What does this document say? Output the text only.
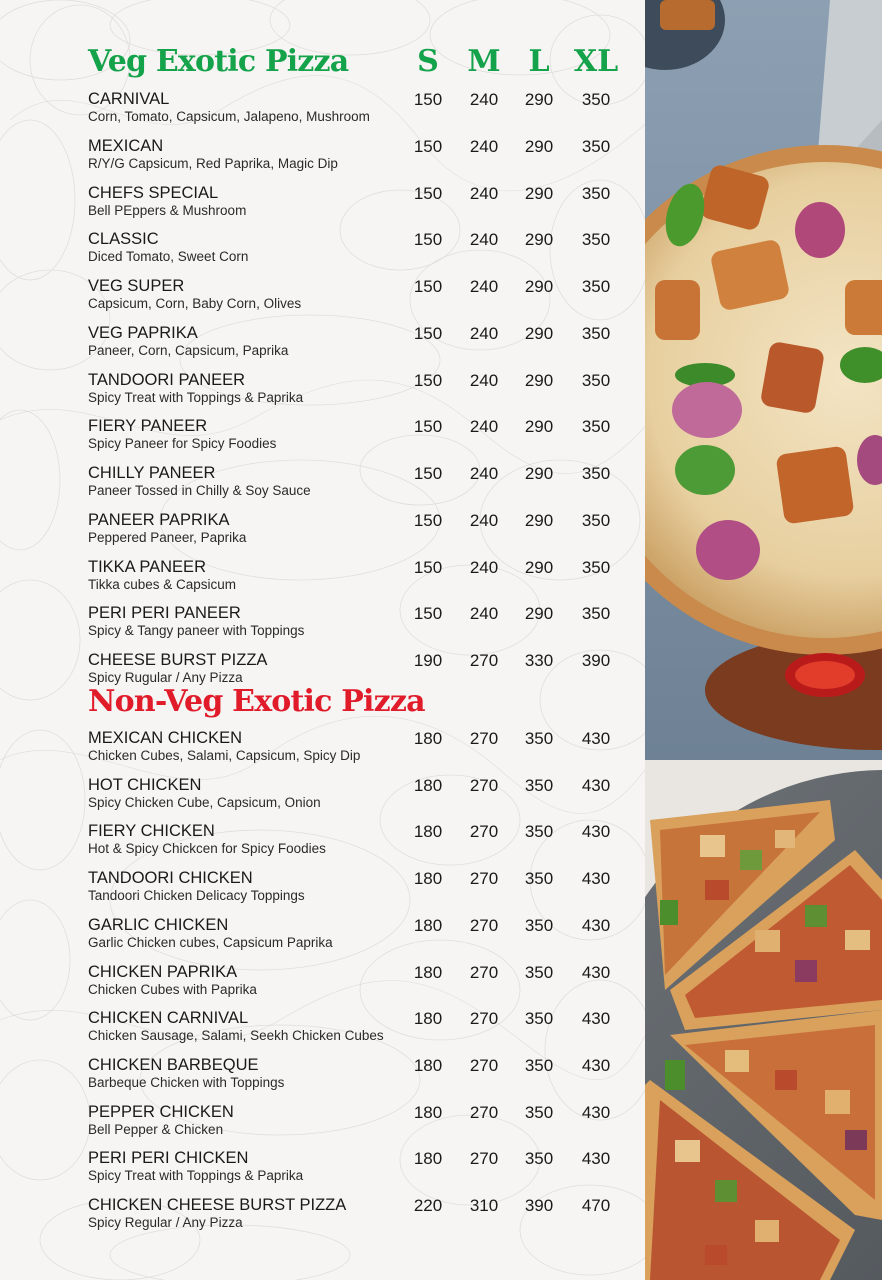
Veg Exotic Pizza	S M L XL
CARNIVAL
Corn, Tomato, Capsicum, Jalapeno, Mushroom
150	240	290	350
MEXICAN
R/Y/G Capsicum, Red Paprika, Magic Dip
150	240	290	350
CHEFS SPECIAL
Bell PEppers & Mushroom
150	240	290	350
CLASSIC
Diced Tomato, Sweet Corn
150	240	290	350
VEG SUPER
Capsicum, Corn, Baby Corn, Olives
150	240	290	350
VEG PAPRIKA
Paneer, Corn, Capsicum, Paprika
150	240	290	350
TANDOORI PANEER
Spicy Treat with Toppings & Paprika
150	240	290	350
FIERY PANEER
Spicy Paneer for Spicy Foodies
150	240	290	350
CHILLY PANEER
Paneer Tossed in Chilly & Soy Sauce
150	240	290	350
PANEER PAPRIKA
Peppered Paneer, Paprika
150	240	290	350
TIKKA PANEER
Tikka cubes & Capsicum
150	240	290	350
PERI PERI PANEER
Spicy & Tangy paneer with Toppings
150	240	290	350
CHEESE BURST PIZZA
Spicy Rugular / Any Pizza
190	270	330	390
Non-Veg Exotic Pizza
MEXICAN CHICKEN
Chicken Cubes, Salami, Capsicum, Spicy Dip
180	270	350	430
HOT CHICKEN
Spicy Chicken Cube, Capsicum, Onion
180	270	350	430
FIERY CHICKEN
Hot & Spicy Chickcen for Spicy Foodies
180	270	350	430
TANDOORI CHICKEN
Tandoori Chicken Delicacy Toppings
180	270	350	430
GARLIC CHICKEN
Garlic Chicken cubes, Capsicum Paprika
180	270	350	430
CHICKEN PAPRIKA
Chicken Cubes with Paprika
180	270	350	430
CHICKEN CARNIVAL
Chicken Sausage, Salami, Seekh Chicken Cubes
180	270	350	430
CHICKEN BARBEQUE
Barbeque Chicken with Toppings
180	270	350	430
PEPPER CHICKEN
Bell Pepper & Chicken
180	270	350	430
PERI PERI CHICKEN
Spicy Treat with Toppings & Paprika
180	270	350	430
CHICKEN CHEESE BURST PIZZA
Spicy Regular / Any Pizza
220	310	390	470
